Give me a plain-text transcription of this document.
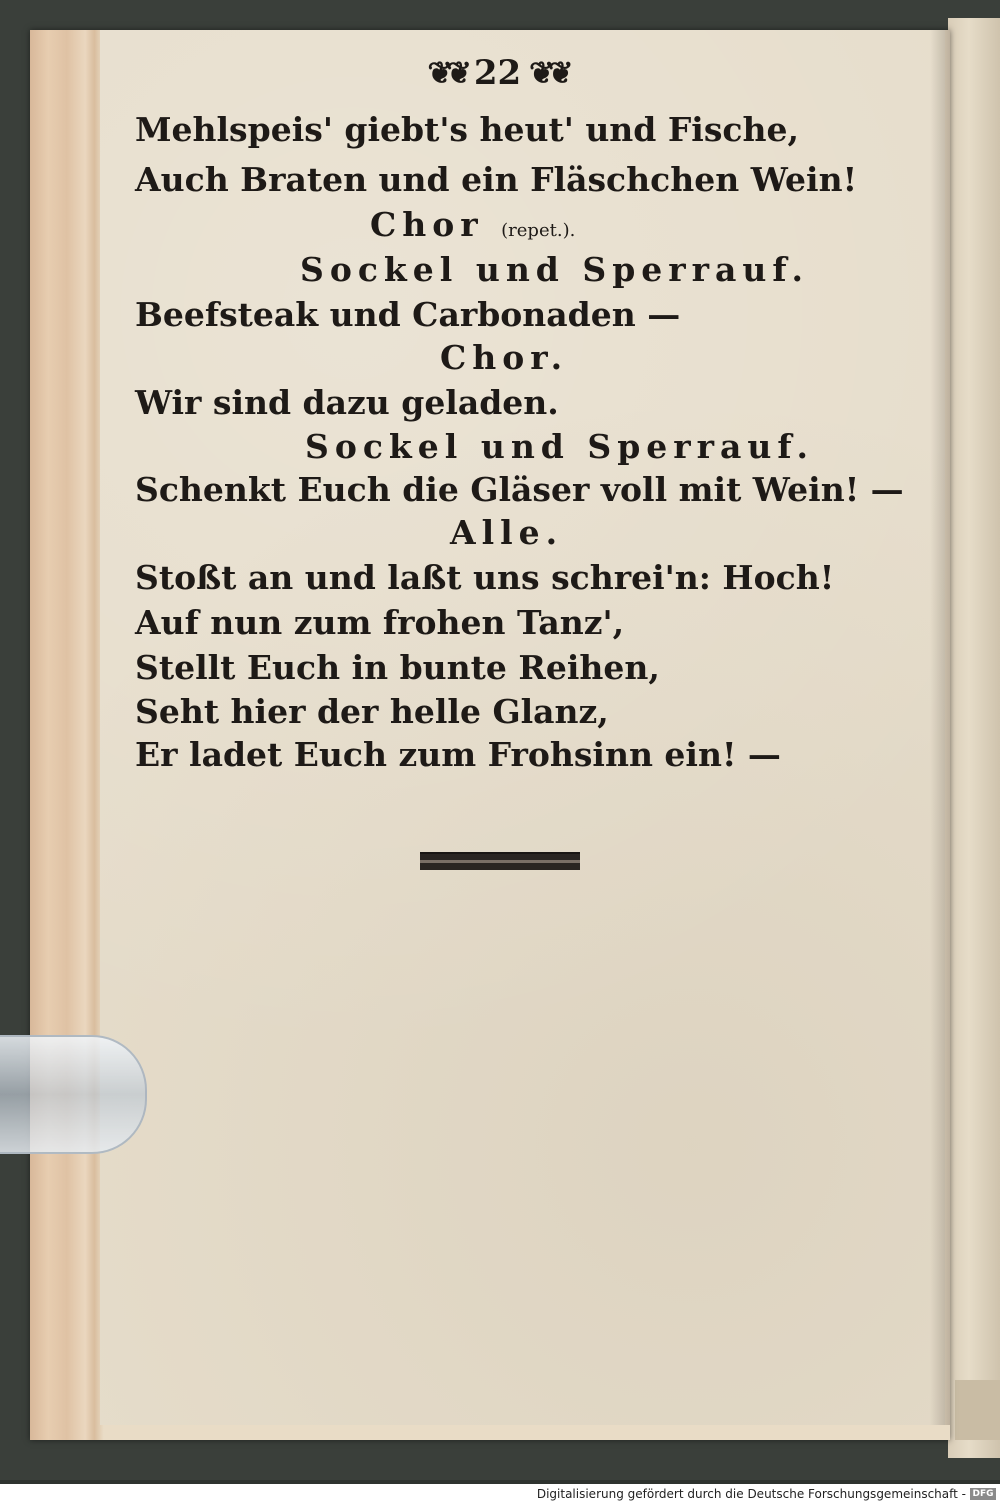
❦❦ 22 ❦❦
Mehlspeis' giebt's heut' und Fische,
Auch Braten und ein Fläschchen Wein!
Chor (repet.).
Sockel und Sperrauf.
Beefsteak und Carbonaden —
Chor.
Wir sind dazu geladen.
Sockel und Sperrauf.
Schenkt Euch die Gläser voll mit Wein! —
Alle.
Stoßt an und laßt uns schrei'n: Hoch!
Auf nun zum frohen Tanz',
Stellt Euch in bunte Reihen,
Seht hier der helle Glanz,
Er ladet Euch zum Frohsinn ein! —
Digitalisierung gefördert durch die Deutsche Forschungsgemeinschaft - DFG
